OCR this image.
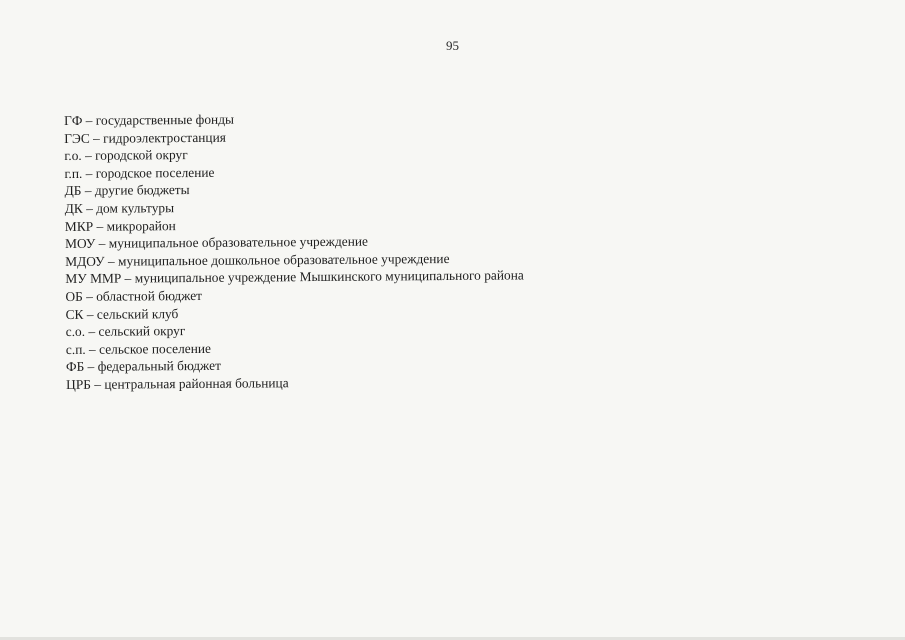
95
ГФ – государственные фонды
ГЭС – гидроэлектростанция
г.о. – городской округ
г.п. – городское поселение
ДБ – другие бюджеты
ДК – дом культуры
МКР – микрорайон
МОУ – муниципальное образовательное учреждение
МДОУ – муниципальное дошкольное образовательное учреждение
МУ ММР – муниципальное учреждение Мышкинского муниципального района
ОБ – областной бюджет
СК – сельский клуб
с.о. – сельский округ
с.п. – сельское поселение
ФБ – федеральный бюджет
ЦРБ – центральная районная больница
